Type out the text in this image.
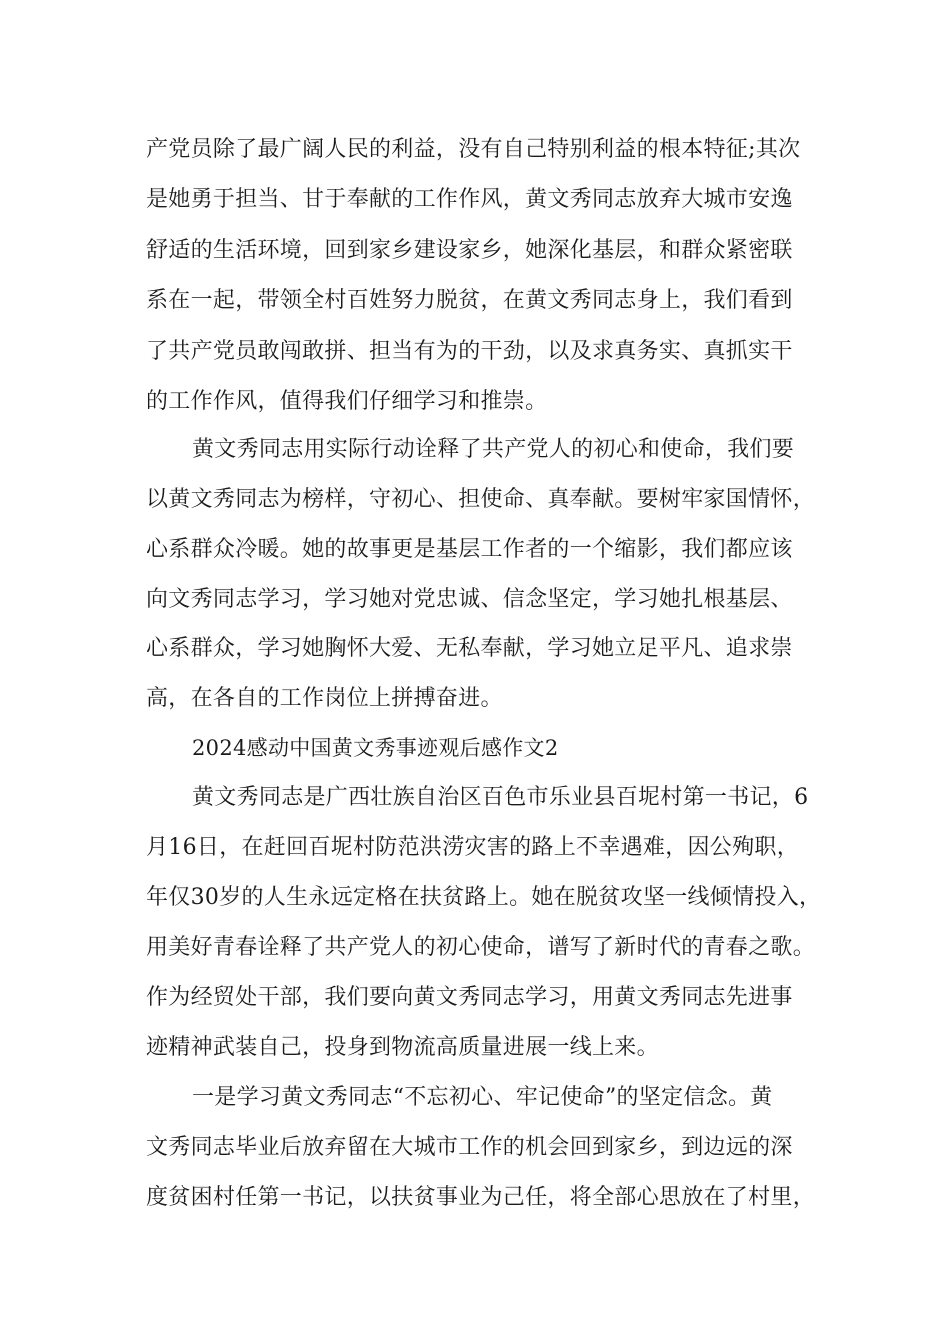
产党员除了最广阔人民的利益，没有自己特别利益的根本特征;其次
是她勇于担当、甘于奉献的工作作风，黄文秀同志放弃大城市安逸
舒适的生活环境，回到家乡建设家乡，她深化基层，和群众紧密联
系在一起，带领全村百姓努力脱贫，在黄文秀同志身上，我们看到
了共产党员敢闯敢拼、担当有为的干劲，以及求真务实、真抓实干
的工作作风，值得我们仔细学习和推崇。
黄文秀同志用实际行动诠释了共产党人的初心和使命，我们要
以黄文秀同志为榜样，守初心、担使命、真奉献。要树牢家国情怀，
心系群众冷暖。她的故事更是基层工作者的一个缩影，我们都应该
向文秀同志学习，学习她对党忠诚、信念坚定，学习她扎根基层、
心系群众，学习她胸怀大爱、无私奉献，学习她立足平凡、追求崇
高，在各自的工作岗位上拼搏奋进。
2024感动中国黄文秀事迹观后感作文2
黄文秀同志是广西壮族自治区百色市乐业县百坭村第一书记，6
月16日，在赶回百坭村防范洪涝灾害的路上不幸遇难，因公殉职，
年仅30岁的人生永远定格在扶贫路上。她在脱贫攻坚一线倾情投入，
用美好青春诠释了共产党人的初心使命，谱写了新时代的青春之歌。
作为经贸处干部，我们要向黄文秀同志学习，用黄文秀同志先进事
迹精神武装自己，投身到物流高质量进展一线上来。
一是学习黄文秀同志“不忘初心、牢记使命”的坚定信念。黄
文秀同志毕业后放弃留在大城市工作的机会回到家乡，到边远的深
度贫困村任第一书记，以扶贫事业为己任，将全部心思放在了村里，
